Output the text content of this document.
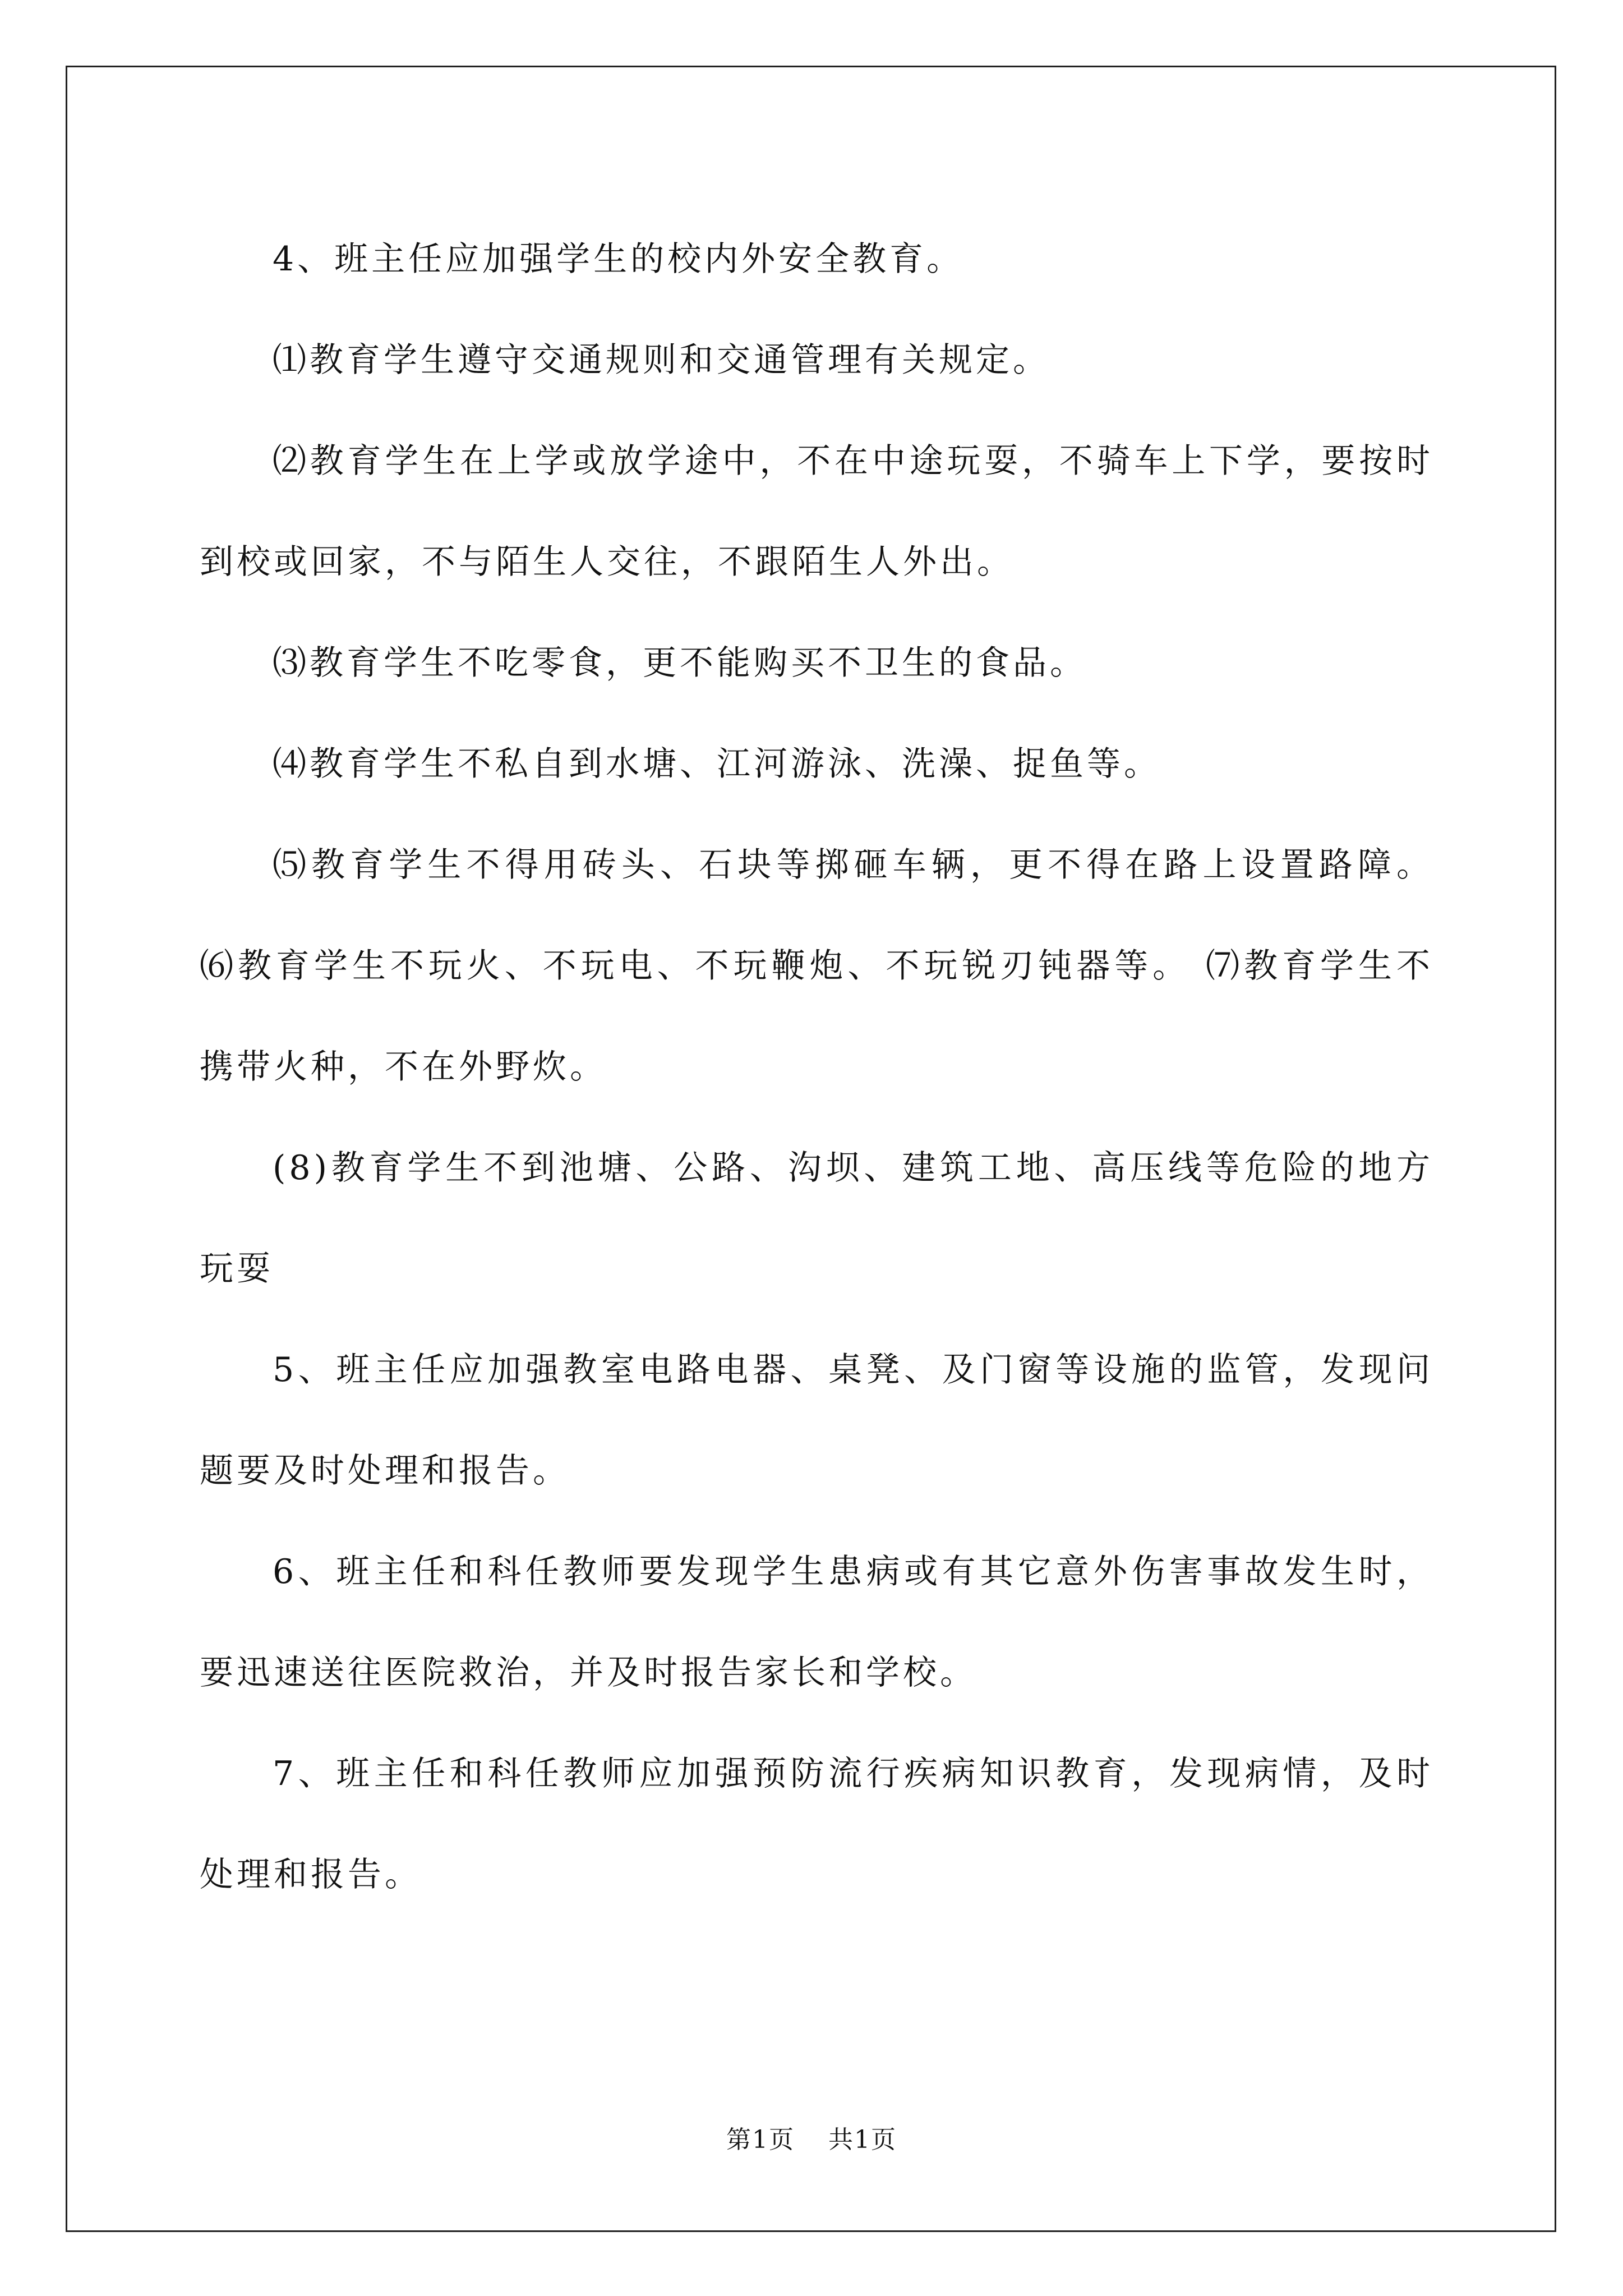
4、班主任应加强学生的校内外安全教育。

⑴教育学生遵守交通规则和交通管理有关规定。

⑵教育学生在上学或放学途中，不在中途玩耍，不骑车上下学，要按时到校或回家，不与陌生人交往，不跟陌生人外出。

⑶教育学生不吃零食，更不能购买不卫生的食品。

⑷教育学生不私自到水塘、江河游泳、洗澡、捉鱼等。

⑸教育学生不得用砖头、石块等掷砸车辆，更不得在路上设置路障。 ⑹教育学生不玩火、不玩电、不玩鞭炮、不玩锐刃钝器等。 ⑺教育学生不携带火种，不在外野炊。

(8)教育学生不到池塘、公路、沟坝、建筑工地、高压线等危险的地方玩耍

5、班主任应加强教室电路电器、桌凳、及门窗等设施的监管，发现问题要及时处理和报告。

6、班主任和科任教师要发现学生患病或有其它意外伤害事故发生时，要迅速送往医院救治，并及时报告家长和学校。

7、班主任和科任教师应加强预防流行疾病知识教育，发现病情，及时处理和报告。

第1页 共1页
